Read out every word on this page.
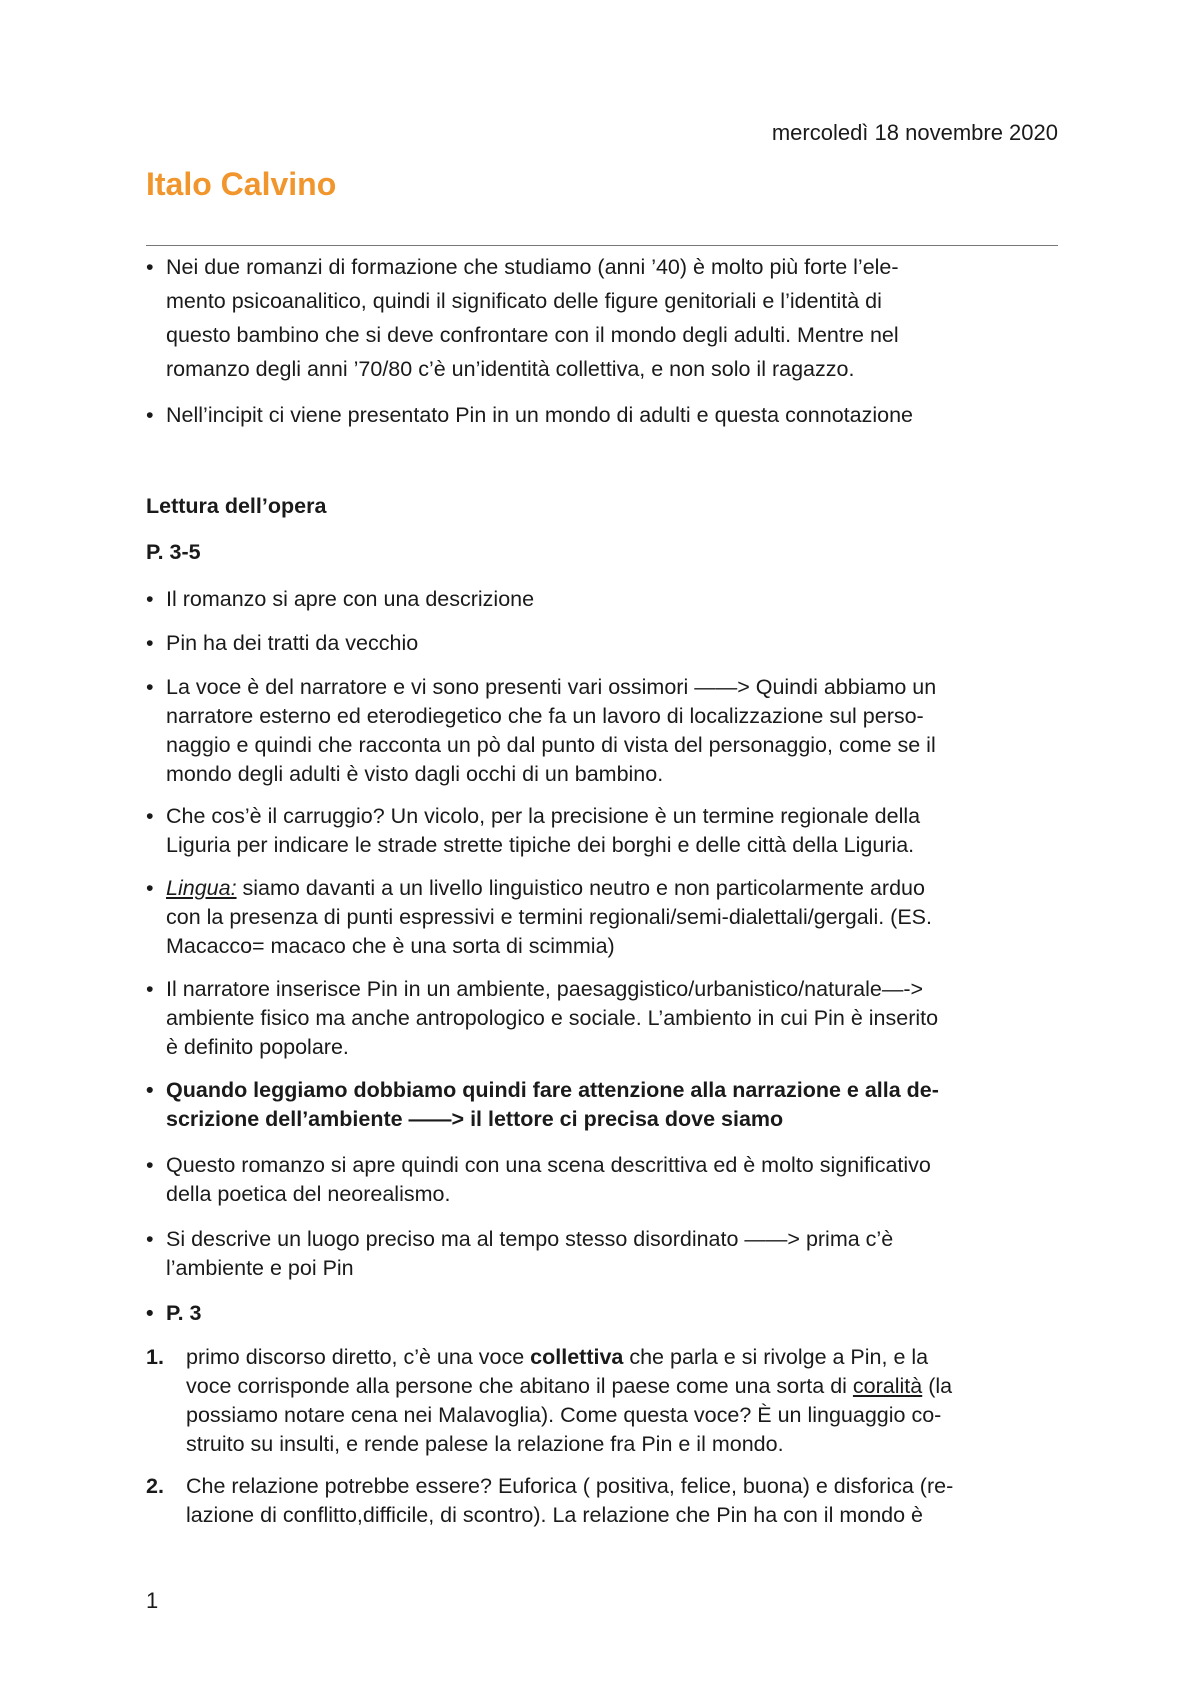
mercoledì 18 novembre 2020
Italo Calvino
• Nei due romanzi di formazione che studiamo (anni ’40) è molto più forte l’ele-
mento psicoanalitico, quindi il significato delle figure genitoriali e l’identità di
questo bambino che si deve confrontare con il mondo degli adulti. Mentre nel
romanzo degli anni ’70/80 c’è un’identità collettiva, e non solo il ragazzo.
• Nell’incipit ci viene presentato Pin in un mondo di adulti e questa connotazione
Lettura dell’opera
P. 3-5
• Il romanzo si apre con una descrizione
• Pin ha dei tratti da vecchio
• La voce è del narratore e vi sono presenti vari ossimori ——> Quindi abbiamo un
narratore esterno ed eterodiegetico che fa un lavoro di localizzazione sul perso-
naggio e quindi che racconta un pò dal punto di vista del personaggio, come se il
mondo degli adulti è visto dagli occhi di un bambino.
• Che cos’è il carruggio? Un vicolo, per la precisione è un termine regionale della
Liguria per indicare le strade strette tipiche dei borghi e delle città della Liguria.
• Lingua: siamo davanti a un livello linguistico neutro e non particolarmente arduo
con la presenza di punti espressivi e termini regionali/semi-dialettali/gergali. (ES.
Macacco= macaco che è una sorta di scimmia)
• Il narratore inserisce Pin in un ambiente, paesaggistico/urbanistico/naturale—->
ambiente fisico ma anche antropologico e sociale. L’ambiento in cui Pin è inserito
è definito popolare.
• Quando leggiamo dobbiamo quindi fare attenzione alla narrazione e alla de-
scrizione dell’ambiente ——> il lettore ci precisa dove siamo
• Questo romanzo si apre quindi con una scena descrittiva ed è molto significativo
della poetica del neorealismo.
• Si descrive un luogo preciso ma al tempo stesso disordinato ——> prima c’è
l’ambiente e poi Pin
• P. 3
1.	primo discorso diretto, c’è una voce collettiva che parla e si rivolge a Pin, e la
voce corrisponde alla persone che abitano il paese come una sorta di coralità (la
possiamo notare cena nei Malavoglia). Come questa voce? È un linguaggio co-
struito su insulti, e rende palese la relazione fra Pin e il mondo.
2.	Che relazione potrebbe essere? Euforica ( positiva, felice, buona) e disforica (re-
lazione di conflitto,difficile, di scontro). La relazione che Pin ha con il mondo è
1
